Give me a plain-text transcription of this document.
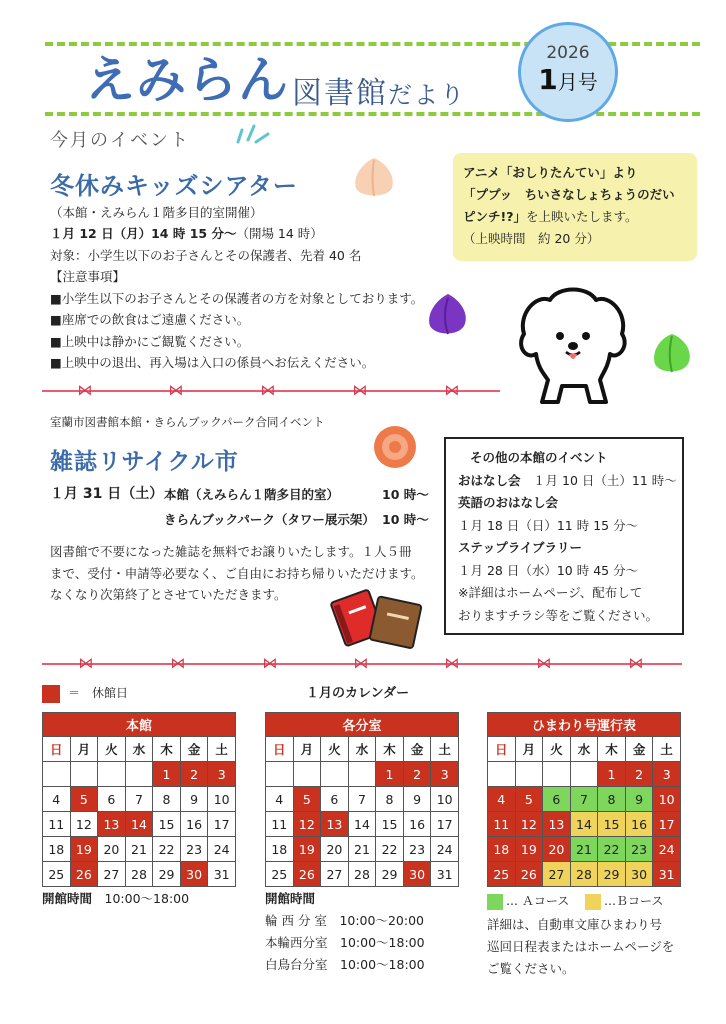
えみらん 図書館だより
2026
1月号
今月のイベント
冬休みキッズシアター
（本館・えみらん１階多目的室開催）
１月 12 日（月）14 時 15 分～（開場 14 時）
対象：小学生以下のお子さんとその保護者、先着 40 名
【注意事項】
■小学生以下のお子さんとその保護者の方を対象としております。
■座席での飲食はご遠慮ください。
■上映中は静かにご観覧ください。
■上映中の退出、再入場は入口の係員へお伝えください。
アニメ「おしりたんてい」より
「ププッ　ちいさなしょちょうのだい
ピンチ!?」を上映いたします。
（上映時間　約 20 分）
⋈	⋈	⋈	⋈	⋈
室蘭市図書館本館・きらんブックパーク合同イベント
雑誌リサイクル市
１月 31 日（土） 本館（えみらん１階多目的室）	10 時～
きらんブックパーク（タワー展示架） 10 時～
図書館で不要になった雑誌を無料でお譲りいたします。１人５冊
まで、受付・申請等必要なく、ご自由にお持ち帰りいただけます。
なくなり次第終了とさせていただきます。
その他の本館のイベント
おはなし会　 １月 10 日（土）11 時～
英語のおはなし会
１月 18 日（日）11 時 15 分～
ステップライブラリー
１月 28 日（水）10 時 45 分～
※詳細はホームページ、配布して
おりますチラシ等をご覧ください。
⋈	⋈	⋈	⋈	⋈	⋈	⋈
＝　 休館日	１月のカレンダー
本館						
日	月	火	水	木	金	土
				1	2	3
4	5	6	7	8	9	10
11	12	13	14	15	16	17
18	19	20	21	22	23	24
25	26	27	28	29	30	31
各分室						
日	月	火	水	木	金	土
				1	2	3
4	5	6	7	8	9	10
11	12	13	14	15	16	17
18	19	20	21	22	23	24
25	26	27	28	29	30	31
ひまわり号運行表						
日	月	火	水	木	金	土
				1	2	3
4	5	6	7	8	9	10
11	12	13	14	15	16	17
18	19	20	21	22	23	24
25	26	27	28	29	30	31
開館時間　 10:00～18:00	開館時間
輪 西 分 室　 10:00～20:00
本輪西分室　 10:00～18:00
白鳥台分室　 10:00～18:00
… Ａコース	…Ｂコース
詳細は、自動車文庫ひまわり号
巡回日程表またはホームページを
ご覧ください。
